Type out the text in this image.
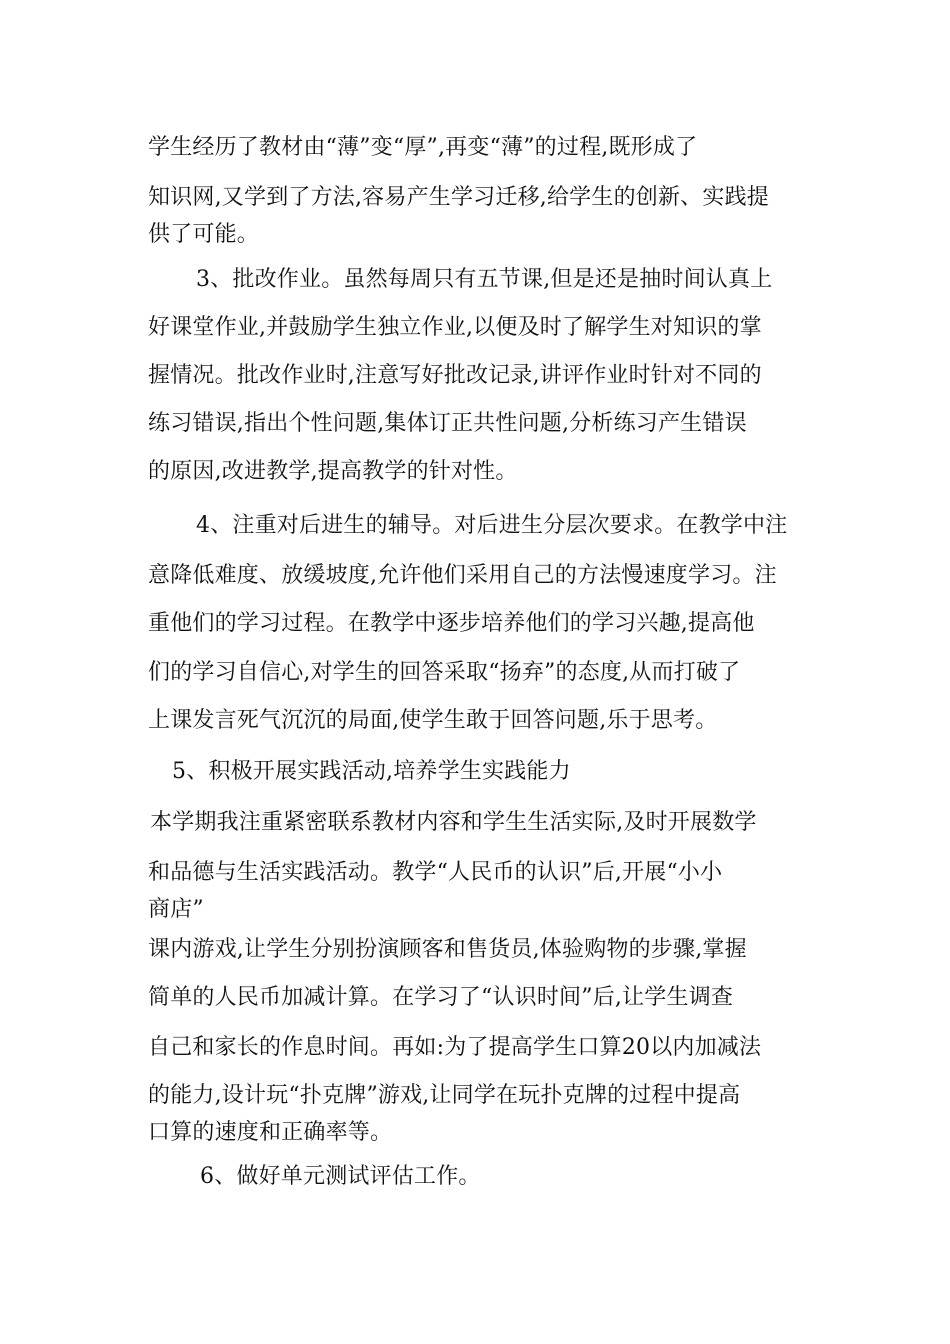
学生经历了教材由“薄”变“厚”,再变“薄”的过程,既形成了
知识网,又学到了方法,容易产生学习迁移,给学生的创新、实践提
供了可能。
3、批改作业。虽然每周只有五节课,但是还是抽时间认真上
好课堂作业,并鼓励学生独立作业,以便及时了解学生对知识的掌
握情况。批改作业时,注意写好批改记录,讲评作业时针对不同的
练习错误,指出个性问题,集体订正共性问题,分析练习产生错误
的原因,改进教学,提高教学的针对性。
4、注重对后进生的辅导。对后进生分层次要求。在教学中注
意降低难度、放缓坡度,允许他们采用自己的方法慢速度学习。注
重他们的学习过程。在教学中逐步培养他们的学习兴趣,提高他
们的学习自信心,对学生的回答采取“扬弃”的态度,从而打破了
上课发言死气沉沉的局面,使学生敢于回答问题,乐于思考。
5、积极开展实践活动,培养学生实践能力
本学期我注重紧密联系教材内容和学生生活实际,及时开展数学
和品德与生活实践活动。教学“人民币的认识”后,开展“小小
商店”
课内游戏,让学生分别扮演顾客和售货员,体验购物的步骤,掌握
简单的人民币加减计算。在学习了“认识时间”后,让学生调查
自己和家长的作息时间。再如:为了提高学生口算20以内加减法
的能力,设计玩“扑克牌”游戏,让同学在玩扑克牌的过程中提高
口算的速度和正确率等。
6、做好单元测试评估工作。
